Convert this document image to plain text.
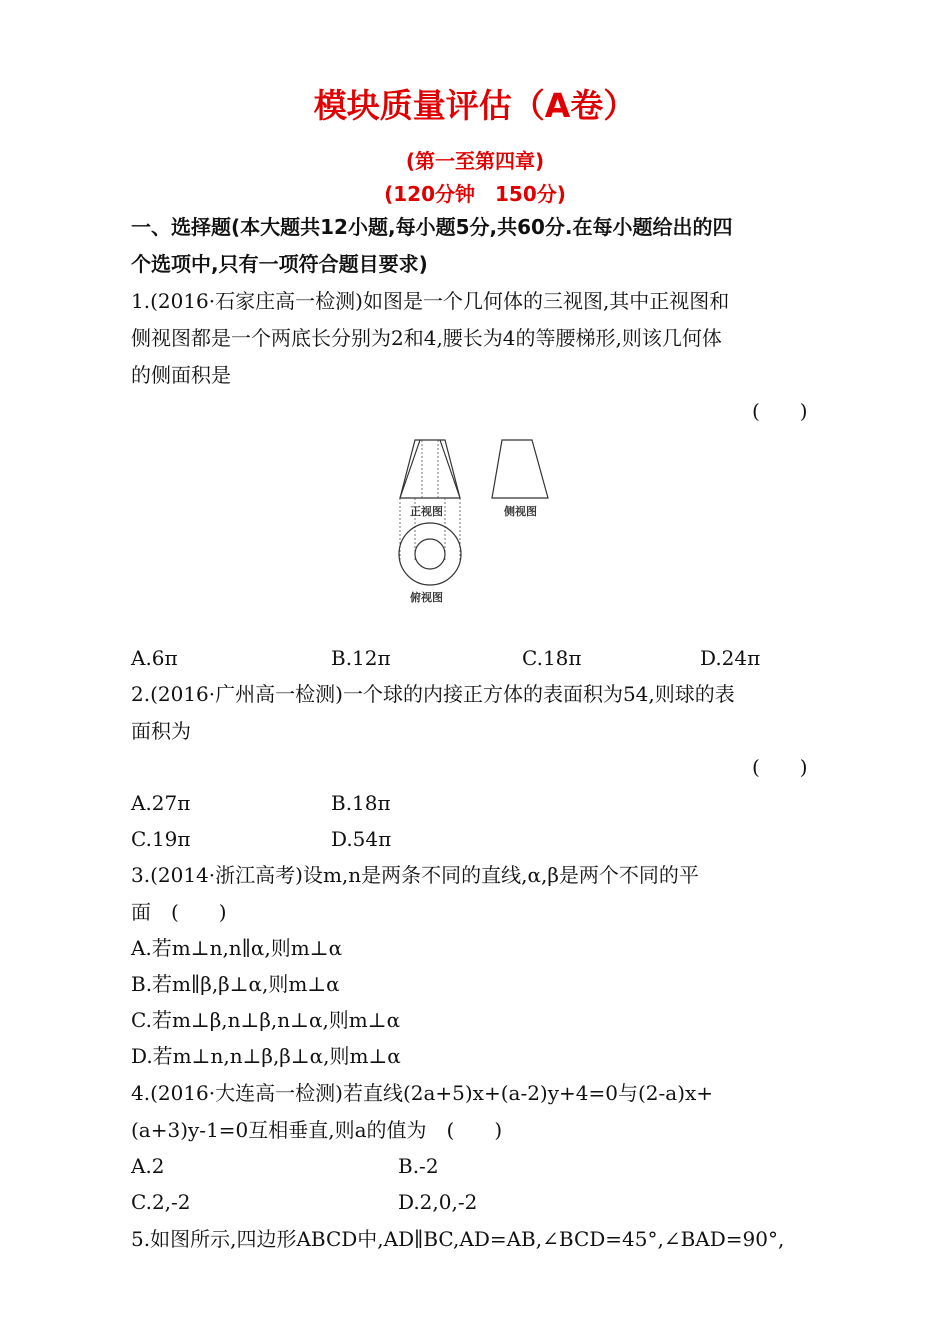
模块质量评估（A卷）
(第一至第四章)
(120分钟　150分)
一、选择题(本大题共12小题,每小题5分,共60分.在每小题给出的四
个选项中,只有一项符合题目要求)
1.(2016·石家庄高一检测)如图是一个几何体的三视图,其中正视图和
侧视图都是一个两底长分别为2和4,腰长为4的等腰梯形,则该几何体
的侧面积是
(　　)
正视图	侧视图
俯视图
A.6π	B.12π	C.18π	D.24π
2.(2016·广州高一检测)一个球的内接正方体的表面积为54,则球的表
面积为
(　　)
A.27π	B.18π
C.19π	D.54π
3.(2014·浙江高考)设m,n是两条不同的直线,α,β是两个不同的平
面　(　　)
A.若m⊥n,n∥α,则m⊥α
B.若m∥β,β⊥α,则m⊥α
C.若m⊥β,n⊥β,n⊥α,则m⊥α
D.若m⊥n,n⊥β,β⊥α,则m⊥α
4.(2016·大连高一检测)若直线(2a+5)x+(a-2)y+4=0与(2-a)x+
(a+3)y-1=0互相垂直,则a的值为　(　　)
A.2	B.-2
C.2,-2	D.2,0,-2
5.如图所示,四边形ABCD中,AD∥BC,AD=AB,∠BCD=45°,∠BAD=90°,
